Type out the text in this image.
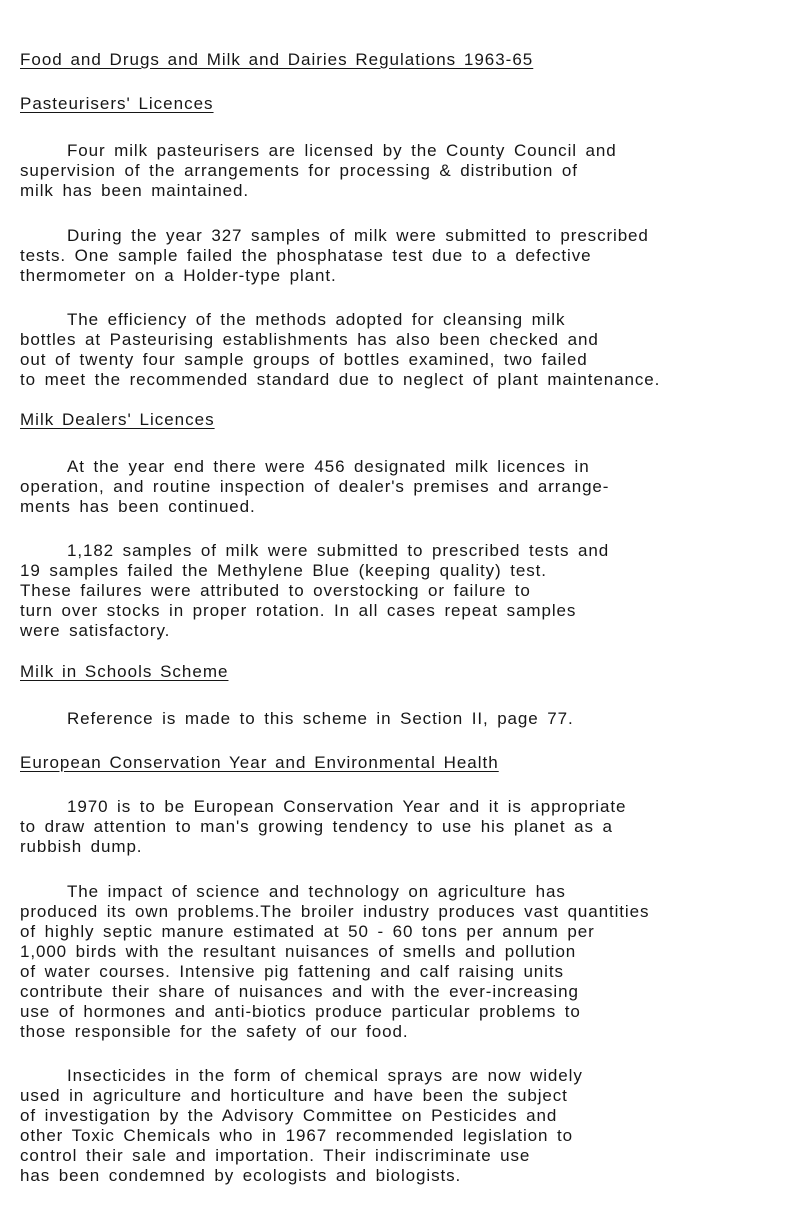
Food and Drugs and Milk and Dairies Regulations 1963-65
Pasteurisers' Licences
Four milk pasteurisers are licensed by the County Council and
supervision of the arrangements for processing & distribution of
milk has been maintained.
During the year 327 samples of milk were submitted to prescribed
tests. One sample failed the phosphatase test due to a defective
thermometer on a Holder-type plant.
The efficiency of the methods adopted for cleansing milk
bottles at Pasteurising establishments has also been checked and
out of twenty four sample groups of bottles examined, two failed
to meet the recommended standard due to neglect of plant maintenance.
Milk Dealers' Licences
At the year end there were 456 designated milk licences in
operation, and routine inspection of dealer's premises and arrange-
ments has been continued.
1,182 samples of milk were submitted to prescribed tests and
19 samples failed the Methylene Blue (keeping quality) test.
These failures were attributed to overstocking or failure to
turn over stocks in proper rotation. In all cases repeat samples
were satisfactory.
Milk in Schools Scheme
Reference is made to this scheme in Section II, page 77.
European Conservation Year and Environmental Health
1970 is to be European Conservation Year and it is appropriate
to draw attention to man's growing tendency to use his planet as a
rubbish dump.
The impact of science and technology on agriculture has
produced its own problems.The broiler industry produces vast quantities
of highly septic manure estimated at 50 - 60 tons per annum per
1,000 birds with the resultant nuisances of smells and pollution
of water courses. Intensive pig fattening and calf raising units
contribute their share of nuisances and with the ever-increasing
use of hormones and anti-biotics produce particular problems to
those responsible for the safety of our food.
Insecticides in the form of chemical sprays are now widely
used in agriculture and horticulture and have been the subject
of investigation by the Advisory Committee on Pesticides and
other Toxic Chemicals who in 1967 recommended legislation to
control their sale and importation. Their indiscriminate use
has been condemned by ecologists and biologists.
